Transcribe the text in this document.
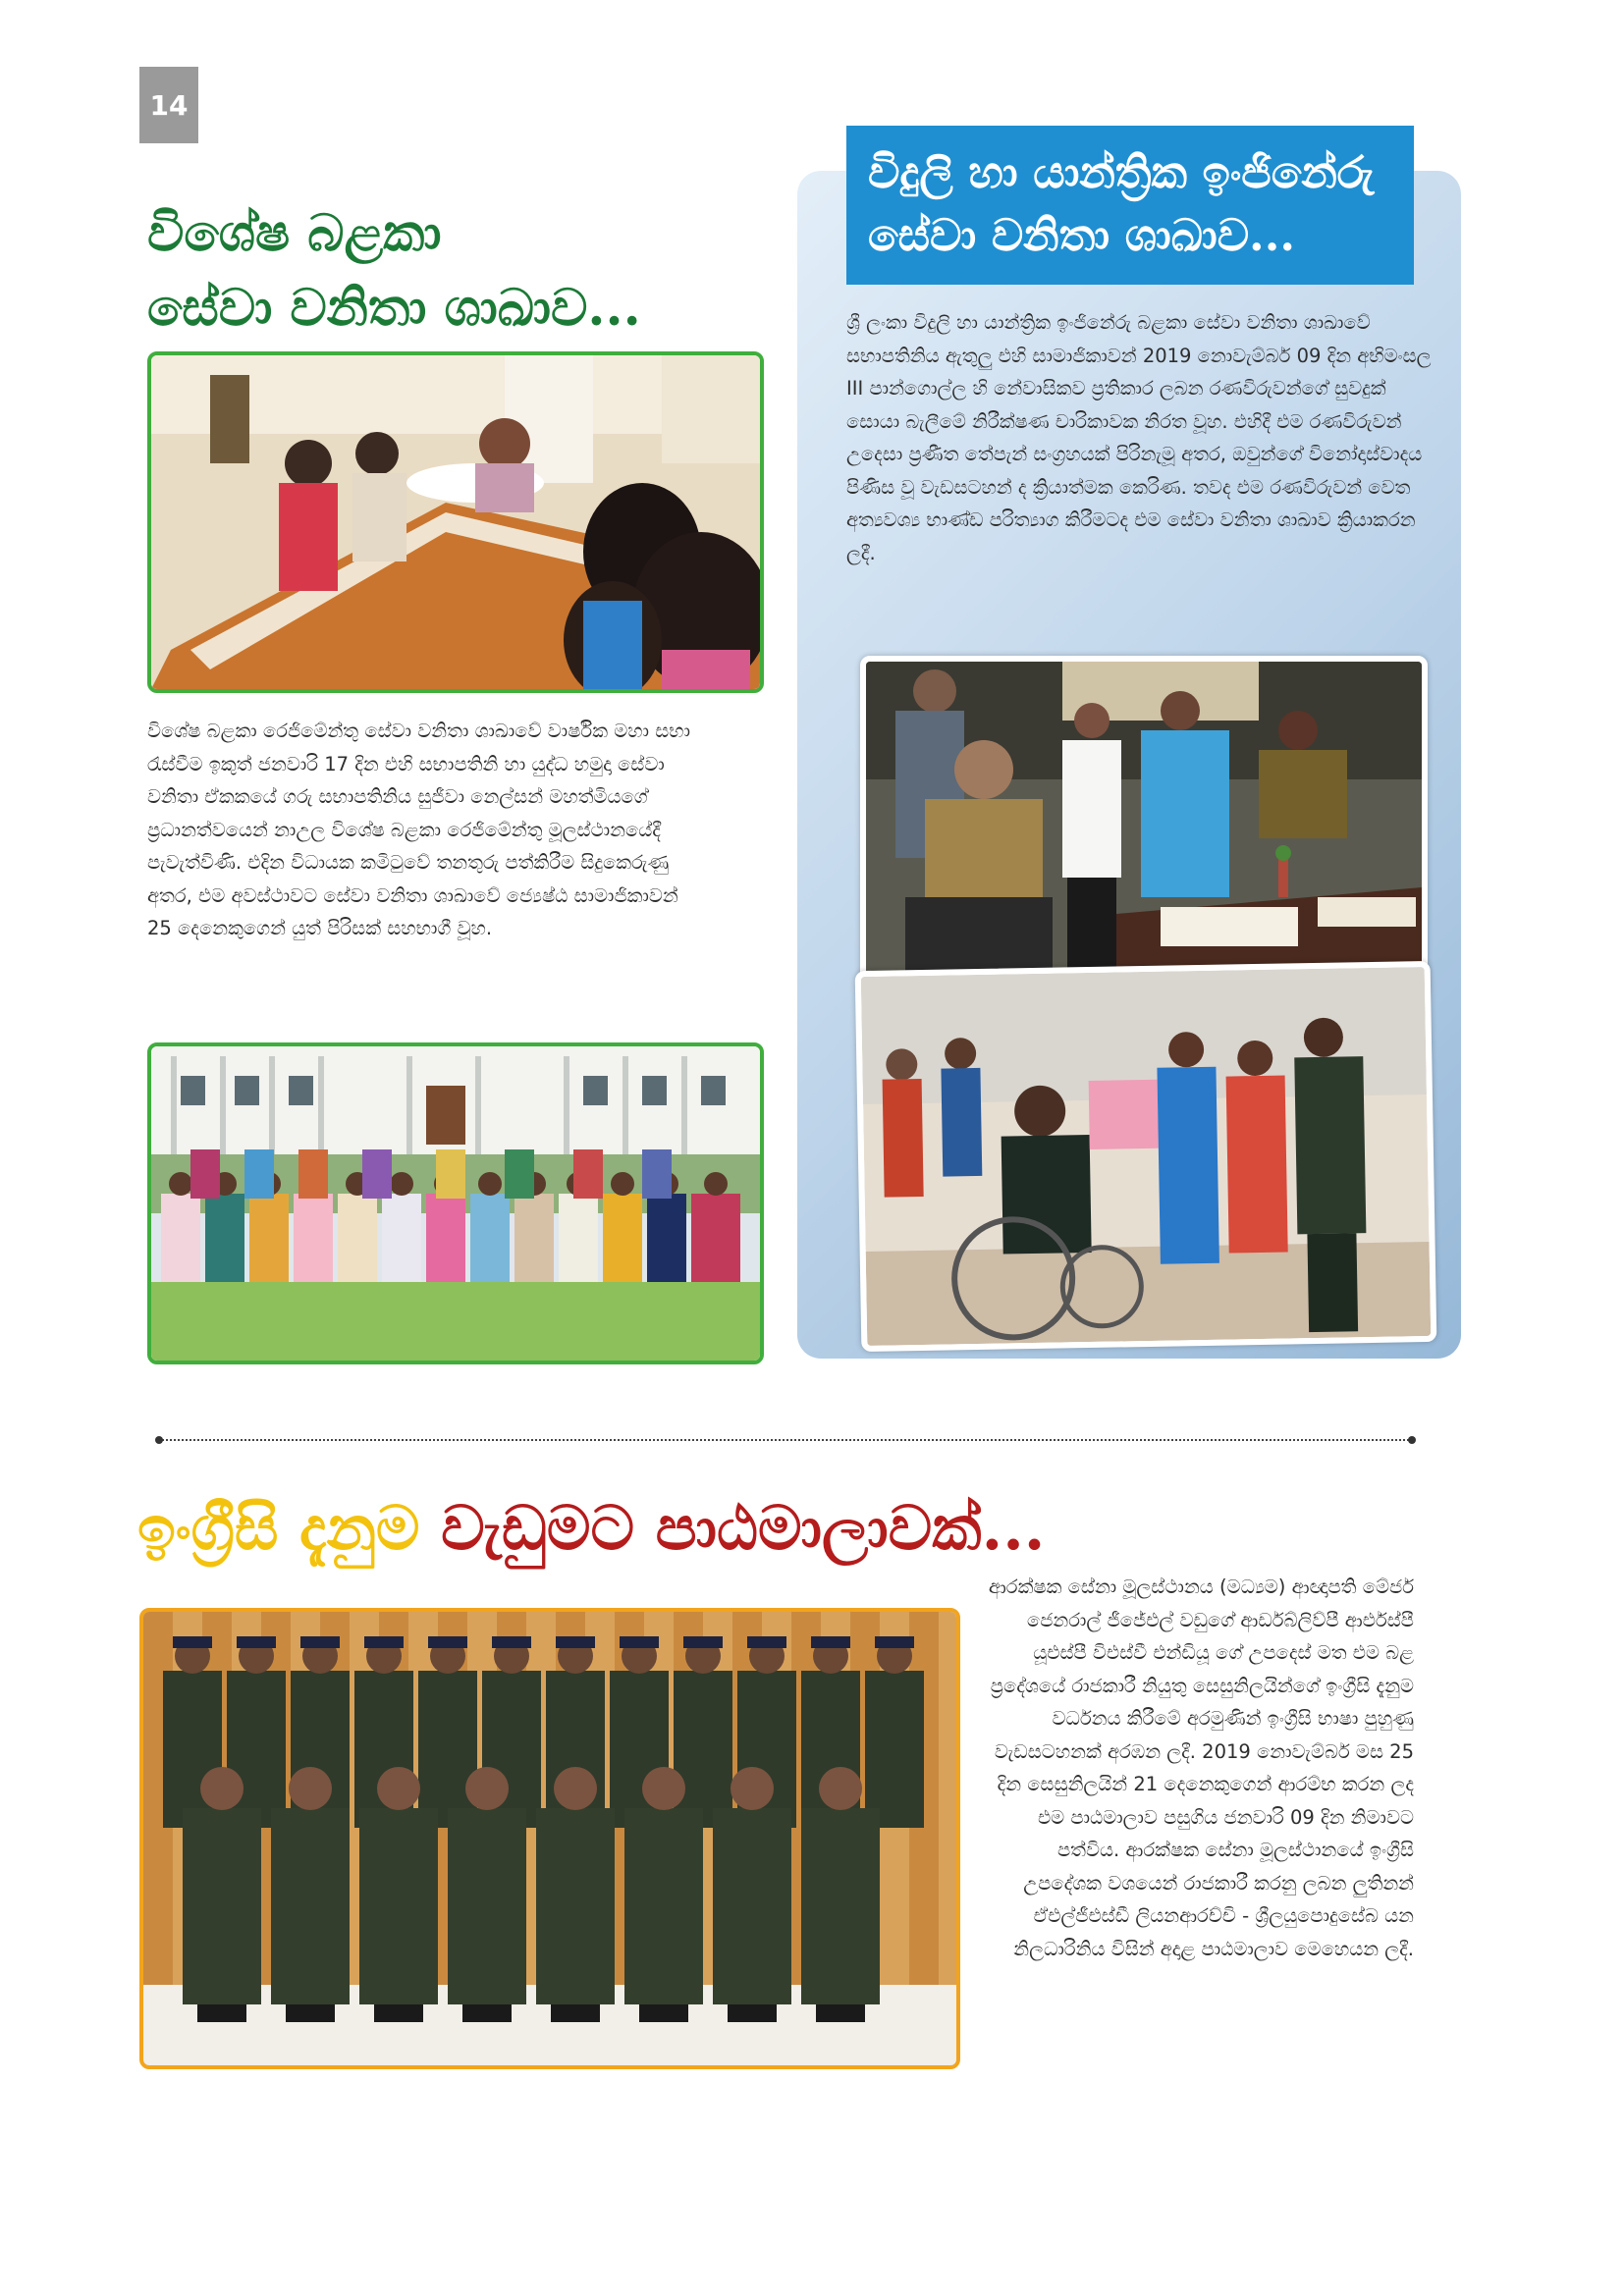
14
විශේෂ බළකා
සේවා වනිතා ශාඛාව...
විශේෂ බළකා රෙජිමේන්තු සේවා වනිතා ශාඛාවේ වාර්ෂික මහා සභා රැස්වීම ඉකුත් ජනවාරි 17 දින එහි සභාපතිනි හා යුද්ධ හමුදා සේවා වනිතා ඒකකයේ ගරු සභාපතිනිය සුජීවා නෙල්සන් මහත්මියගේ ප්‍රධානත්වයෙන් නාඋල විශේෂ බළකා රෙජිමේන්තු මූලස්ථානයේදී පැවැත්විණි. එදින විධායක කමිටුවේ තනතුරු පත්කිරීම සිදුකෙරුණු අතර, එම අවස්ථාවට සේවා වනිතා ශාඛාවේ ජ්‍යෙෂ්ඨ සාමාජිකාවන් 25 දෙනෙකුගෙන් යුත් පිරිසක් සහභාගී වූහ.
විදුලි හා යාන්ත්‍රික ඉංජිනේරු
සේවා වනිතා ශාඛාව...
ශ්‍රී ලංකා විදුලි හා යාන්ත්‍රික ඉංජිනේරු බළකා සේවා වනිතා ශාඛාවේ සභාපතිනිය ඇතුලු එහි සාමාජිකාවන් 2019 නොවැම්බර් 09 දින අභිමංසල III පාන්ගොල්ල හි නේවාසිකව ප්‍රතිකාර ලබන රණවිරුවන්ගේ සුවදුක් සොයා බැලීමේ නිරීක්ෂණ චාරිකාවක නිරත වූහ. එහිදී එම රණවිරුවන් උදෙසා ප්‍රණීත තේපැන් සංග්‍රහයක් පිරිනැමූ අතර, ඔවුන්ගේ විනෝදාස්වාදය පිණිස වූ වැඩසටහන් ද ක්‍රියාත්මක කෙරිණ. තවද එම රණවිරුවන් වෙත අත්‍යවශ්‍ය භාණ්ඩ පරිත්‍යාග කිරීමටද එම සේවා වනිතා ශාඛාව ක්‍රියාකරන ලදී.
ඉංග්‍රීසි දැනුම වැඩුමට පාඨමාලාවක්...
ආරක්ෂක සේනා මූලස්ථානය (මධ්‍යම) ආඥාපති මේජර් ජෙනරාල් ජීජේඑල් වඩුගේ ආර්ඩබ්ලිව්පී ආර්එස්පී යූඑස්පී විඑස්වී එන්ඩියූ ගේ උපදෙස් මත එම බළ ප්‍රදේශයේ රාජකාරී නියුතු සෙසුනිලයින්ගේ ඉංග්‍රීසි දැනුම වර්ධනය කිරීමේ අරමුණින් ඉංග්‍රීසි භාෂා පුහුණු වැඩසටහනක් අරඹන ලදී. 2019 නොවැම්බර් මස 25 දින සෙසුනිලයින් 21 දෙනෙකුගෙන් ආරම්භ කරන ලද එම පාඨමාලාව පසුගිය ජනවාරි 09 දින නිමාවට පත්විය. ආරක්ෂක සේනා මූලස්ථානයේ ඉංග්‍රීසි උපදේශක වශයෙන් රාජකාරී කරනු ලබන ලුතිනන් ඒඑල්ජීඑස්ඩී ලියනආරච්චි - ශ්‍රීලයුපොදුසේබ යන නිලධාරිනිය විසින් අදාළ පාඨමාලාව මෙහෙයන ලදී.
